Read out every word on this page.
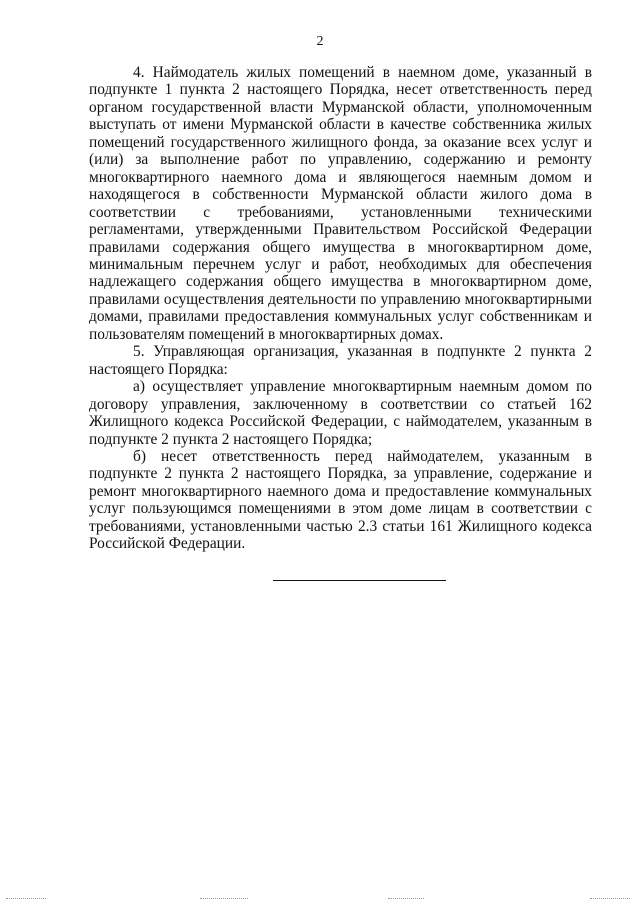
2

4. Наймодатель жилых помещений в наемном доме, указанный в подпункте 1 пункта 2 настоящего Порядка, несет ответственность перед органом государственной власти Мурманской области, уполномоченным выступать от имени Мурманской области в качестве собственника жилых помещений государственного жилищного фонда, за оказание всех услуг и (или) за выполнение работ по управлению, содержанию и ремонту многоквартирного наемного дома и являющегося наемным домом и находящегося в собственности Мурманской области жилого дома в соответствии с требованиями, установленными техническими регламентами, утвержденными Правительством Российской Федерации правилами содержания общего имущества в многоквартирном доме, минимальным перечнем услуг и работ, необходимых для обеспечения надлежащего содержания общего имущества в многоквартирном доме, правилами осуществления деятельности по управлению многоквартирными домами, правилами предоставления коммунальных услуг собственникам и пользователям помещений в многоквартирных домах.

5. Управляющая организация, указанная в подпункте 2 пункта 2 настоящего Порядка:

а) осуществляет управление многоквартирным наемным домом по договору управления, заключенному в соответствии со статьей 162 Жилищного кодекса Российской Федерации, с наймодателем, указанным в подпункте 2 пункта 2 настоящего Порядка;

б) несет ответственность перед наймодателем, указанным в подпункте 2 пункта 2 настоящего Порядка, за управление, содержание и ремонт многоквартирного наемного дома и предоставление коммунальных услуг пользующимся помещениями в этом доме лицам в соответствии с требованиями, установленными частью 2.3 статьи 161 Жилищного кодекса Российской Федерации.
